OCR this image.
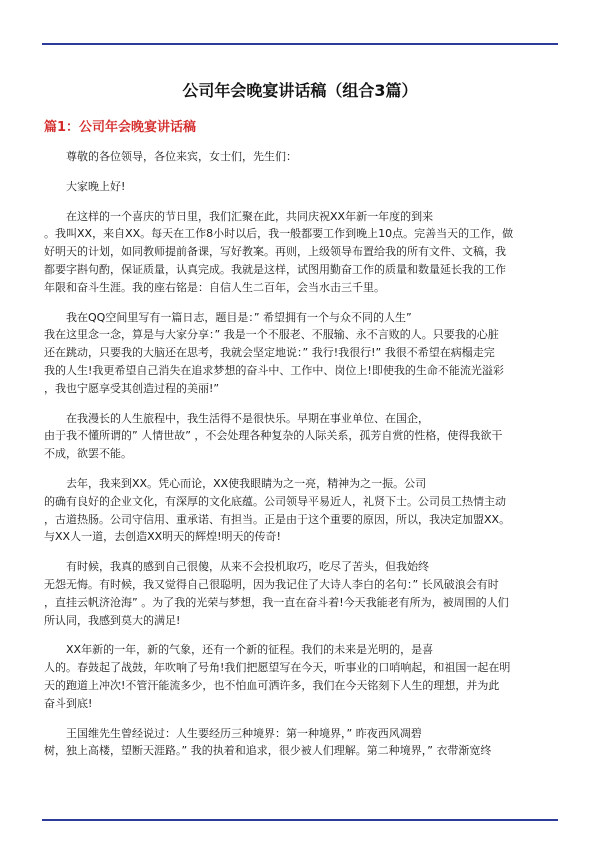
公司年会晚宴讲话稿（组合3篇）
篇1：公司年会晚宴讲话稿
尊敬的各位领导，各位来宾，女士们，先生们：
大家晚上好!
在这样的一个喜庆的节日里，我们汇聚在此，共同庆祝XX年新一年度的到来
。我叫XX，来自XX。每天在工作8小时以后，我一般都要工作到晚上10点。完善当天的工作，做
好明天的计划，如同教师提前备课，写好教案。再则，上级领导布置给我的所有文件、文稿，我
都要字斟句酌，保证质量，认真完成。我就是这样，试图用勤奋工作的质量和数量延长我的工作
年限和奋斗生涯。我的座右铭是：自信人生二百年，会当水击三千里。
我在QQ空间里写有一篇日志，题目是：” 希望拥有一个与众不同的人生”
我在这里念一念，算是与大家分享：” 我是一个不服老、不服输、永不言败的人。只要我的心脏
还在跳动，只要我的大脑还在思考，我就会坚定地说：” 我行!我很行!” 我很不希望在病榻走完
我的人生!我更希望自己消失在追求梦想的奋斗中、工作中、岗位上!即使我的生命不能流光溢彩
，我也宁愿享受其创造过程的美丽!”
在我漫长的人生旅程中，我生活得不是很快乐。早期在事业单位、在国企，
由于我不懂所谓的” 人情世故” ，不会处理各种复杂的人际关系，孤芳自赏的性格，使得我欲干
不成，欲罢不能。
去年，我来到XX。凭心而论，XX使我眼睛为之一亮，精神为之一振。公司
的确有良好的企业文化，有深厚的文化底蕴。公司领导平易近人，礼贤下士。公司员工热情主动
，古道热肠。公司守信用、重承诺、有担当。正是由于这个重要的原因，所以，我决定加盟XX。
与XX人一道，去创造XX明天的辉煌!明天的传奇!
有时候，我真的感到自己很傻，从来不会投机取巧，吃尽了苦头，但我始终
无怨无悔。有时候，我又觉得自己很聪明，因为我记住了大诗人李白的名句：” 长风破浪会有时
，直挂云帆济沧海” 。为了我的光荣与梦想，我一直在奋斗着!今天我能老有所为，被周围的人们
所认同，我感到莫大的满足!
XX年新的一年，新的气象，还有一个新的征程。我们的未来是光明的，是喜
人的。春鼓起了战鼓，年吹响了号角!我们把愿望写在今天，听事业的口哨响起，和祖国一起在明
天的跑道上冲次!不管汗能流多少，也不怕血可洒许多，我们在今天铭刻下人生的理想，并为此
奋斗到底!
王国维先生曾经说过：人生要经历三种境界：第一种境界，” 昨夜西风凋碧
树，独上高楼，望断天涯路。” 我的执着和追求，很少被人们理解。第二种境界，” 衣带渐宽终
